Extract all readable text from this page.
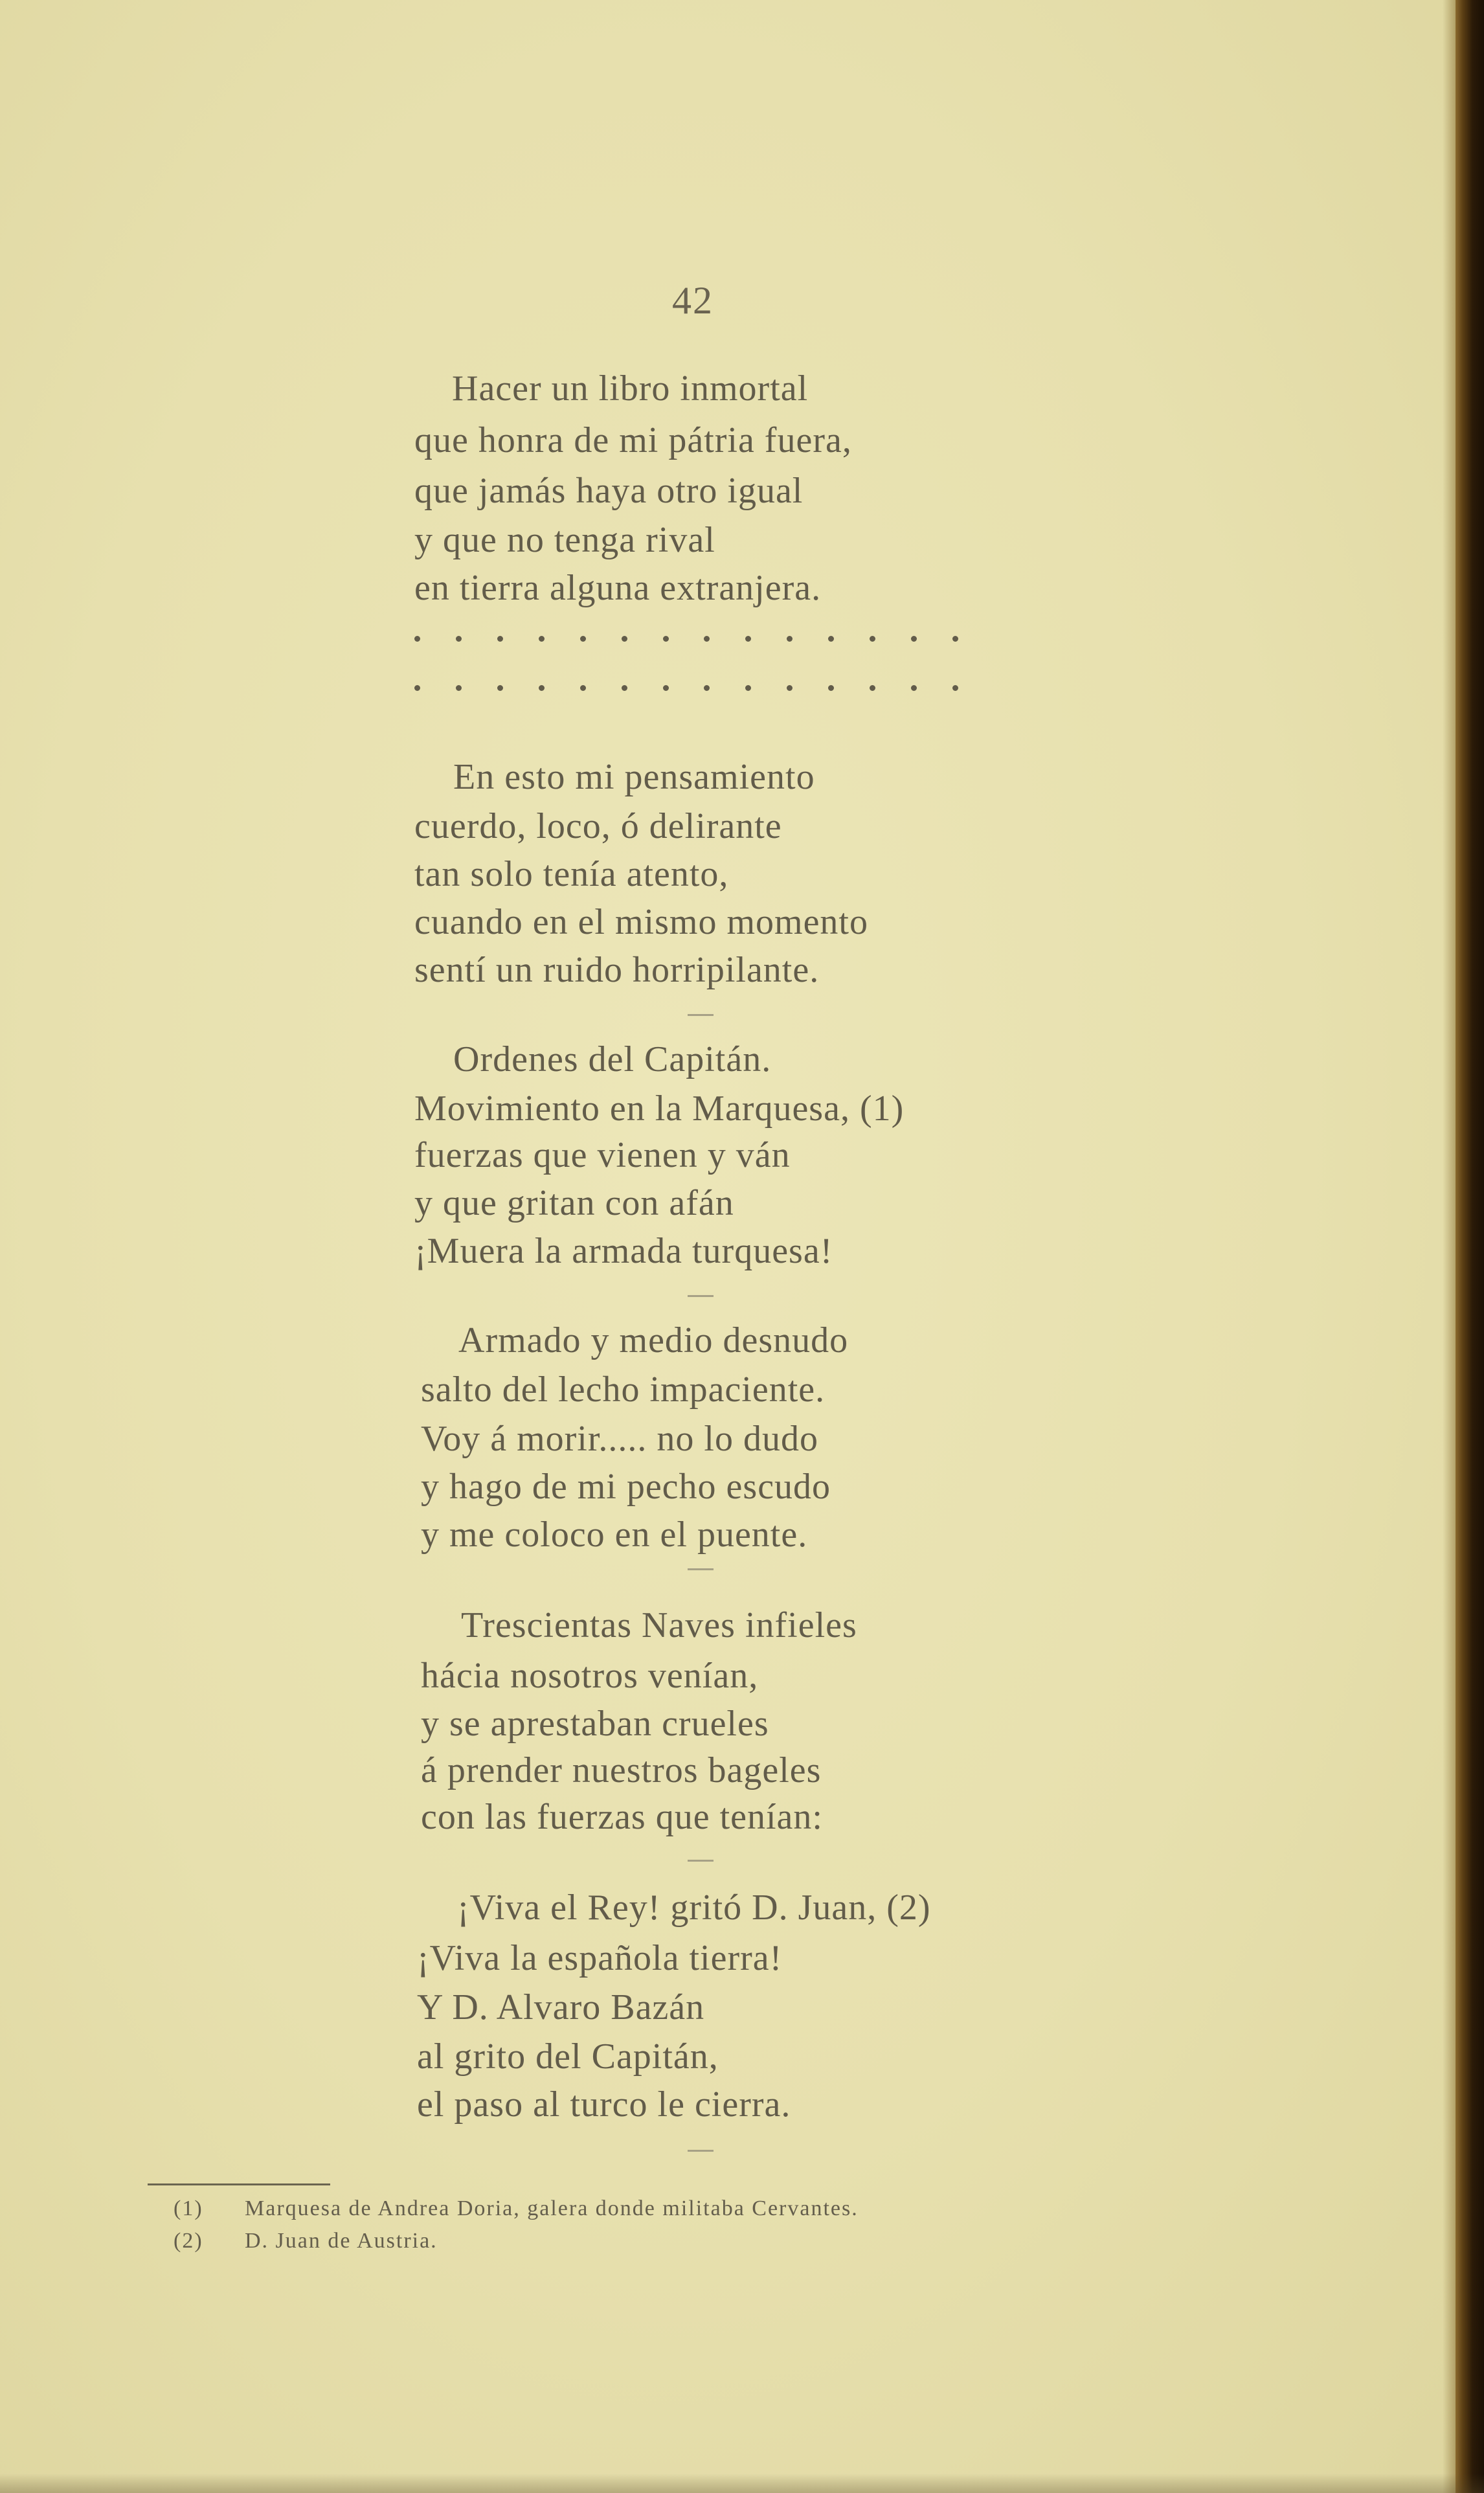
42
Hacer un libro inmortal
que honra de mi pátria fuera,
que jamás haya otro igual
y que no tenga rival
en tierra alguna extranjera.
En esto mi pensamiento
cuerdo, loco, ó delirante
tan solo tenía atento,
cuando en el mismo momento
sentí un ruido horripilante.
Ordenes del Capitán.
Movimiento en la Marquesa, (1)
fuerzas que vienen y ván
y que gritan con afán
¡Muera la armada turquesa!
Armado y medio desnudo
salto del lecho impaciente.
Voy á morir..... no lo dudo
y hago de mi pecho escudo
y me coloco en el puente.
Trescientas Naves infieles
hácia nosotros venían,
y se aprestaban crueles
á prender nuestros bageles
con las fuerzas que tenían:
¡Viva el Rey! gritó D. Juan, (2)
¡Viva la española tierra!
Y D. Alvaro Bazán
al grito del Capitán,
el paso al turco le cierra.
(1) Marquesa de Andrea Doria, galera donde militaba Cervantes.
(2) D. Juan de Austria.
